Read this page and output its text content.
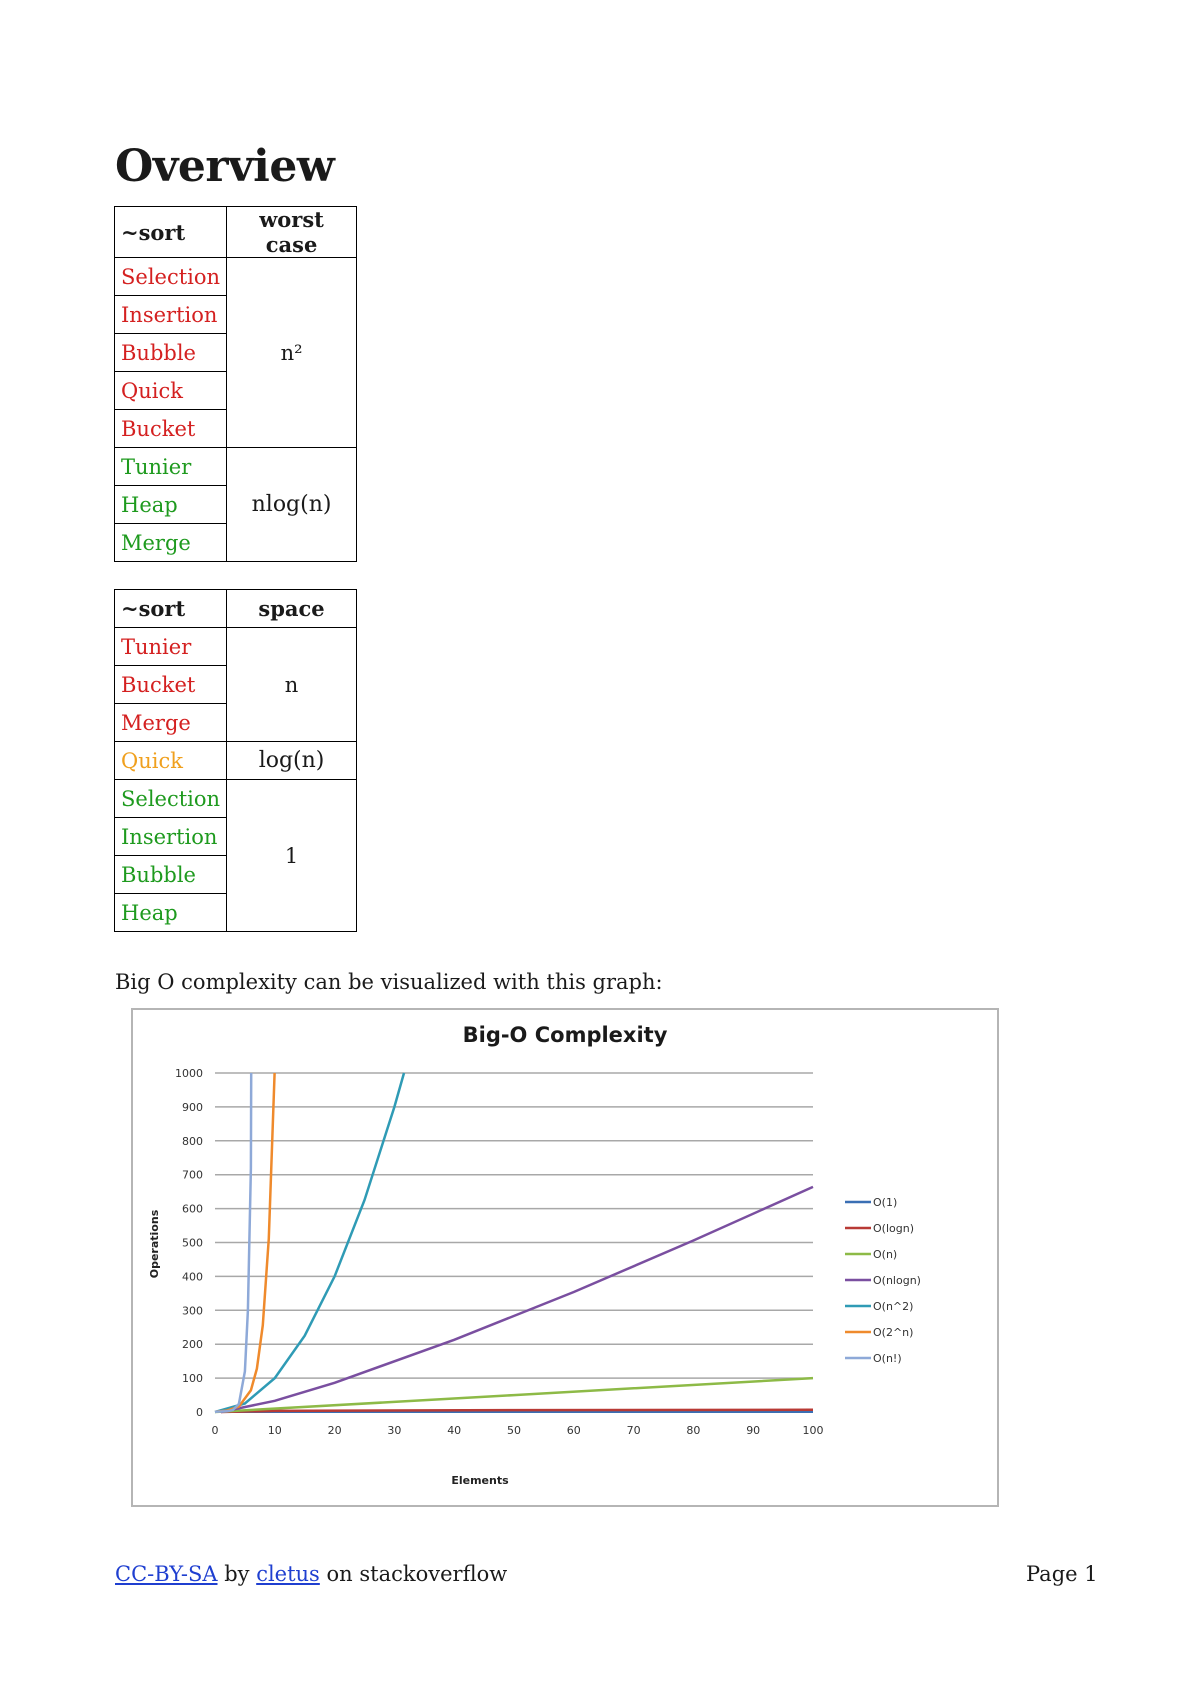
Overview
~sort	worst case
Selection	n²
Insertion	
Bubble	
Quick	
Bucket	
Tunier	nlog(n)
Heap	
Merge	
~sort	space
Tunier	n
Bucket	
Merge	
Quick	log(n)
Selection	1
Insertion	
Bubble	
Heap	
Big O complexity can be visualized with this graph:
Big-O Complexity
0
100
200
300
400
500
600
700
800
900
1000
0	10	20	30	40	50	60	70	80	90	100
O(1)
O(logn)
O(n)
O(nlogn)
O(n^2)
O(2^n)
O(n!)
Elements
Operations
CC-BY-SA by cletus on stackoverflow	Page 1
